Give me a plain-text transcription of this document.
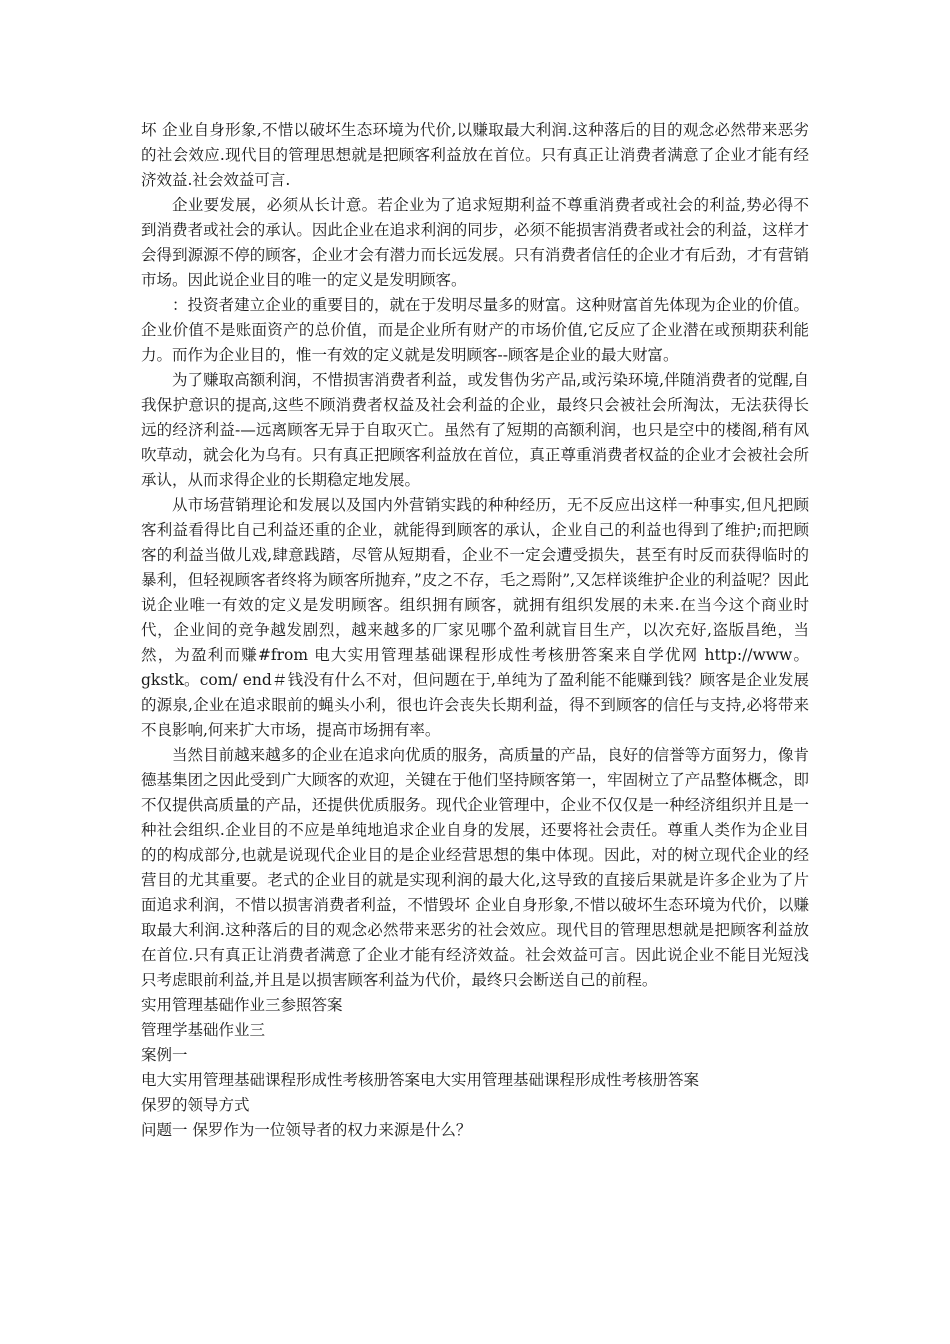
坏 企业自身形象,不惜以破坏生态环境为代价,以赚取最大利润.这种落后的目的观念必然带来恶劣的社会效应.现代目的管理思想就是把顾客利益放在首位。只有真正让消费者满意了企业才能有经济效益.社会效益可言.

企业要发展，必须从长计意。若企业为了追求短期利益不尊重消费者或社会的利益,势必得不到消费者或社会的承认。因此企业在追求利润的同步，必须不能损害消费者或社会的利益，这样才会得到源源不停的顾客，企业才会有潜力而长远发展。只有消费者信任的企业才有后劲，才有营销市场。因此说企业目的唯一的定义是发明顾客。

：投资者建立企业的重要目的，就在于发明尽量多的财富。这种财富首先体现为企业的价值。企业价值不是账面资产的总价值，而是企业所有财产的市场价值,它反应了企业潜在或预期获利能力。而作为企业目的，惟一有效的定义就是发明顾客--顾客是企业的最大财富。

为了赚取高额利润，不惜损害消费者利益，或发售伪劣产品,或污染环境,伴随消费者的觉醒,自我保护意识的提高,这些不顾消费者权益及社会利益的企业，最终只会被社会所淘汰，无法获得长远的经济利益-—远离顾客无异于自取灭亡。虽然有了短期的高额利润，也只是空中的楼阁,稍有风吹草动，就会化为乌有。只有真正把顾客利益放在首位，真正尊重消费者权益的企业才会被社会所承认，从而求得企业的长期稳定地发展。

从市场营销理论和发展以及国内外营销实践的种种经历，无不反应出这样一种事实,但凡把顾客利益看得比自己利益还重的企业，就能得到顾客的承认，企业自己的利益也得到了维护;而把顾客的利益当做儿戏,肆意践踏，尽管从短期看，企业不一定会遭受损失，甚至有时反而获得临时的暴利，但轻视顾客者终将为顾客所抛弃，”皮之不存，毛之焉附”,又怎样谈维护企业的利益呢？因此说企业唯一有效的定义是发明顾客。组织拥有顾客，就拥有组织发展的未来.在当今这个商业时代，企业间的竞争越发剧烈，越来越多的厂家见哪个盈利就盲目生产，以次充好,盗版昌绝，当然，为盈利而赚#from 电大实用管理基础课程形成性考核册答案来自学优网 http://www。gkstk。com/ end＃钱没有什么不对，但问题在于,单纯为了盈利能不能赚到钱？顾客是企业发展的源泉,企业在追求眼前的蝇头小利，很也许会丧失长期利益，得不到顾客的信任与支持,必将带来不良影响,何来扩大市场，提高市场拥有率。

当然目前越来越多的企业在追求向优质的服务，高质量的产品，良好的信誉等方面努力，像肯德基集团之因此受到广大顾客的欢迎，关键在于他们坚持顾客第一，牢固树立了产品整体概念，即不仅提供高质量的产品，还提供优质服务。现代企业管理中，企业不仅仅是一种经济组织并且是一种社会组织.企业目的不应是单纯地追求企业自身的发展，还要将社会责任。尊重人类作为企业目的的构成部分,也就是说现代企业目的是企业经营思想的集中体现。因此，对的树立现代企业的经营目的尤其重要。老式的企业目的就是实现利润的最大化,这导致的直接后果就是许多企业为了片面追求利润，不惜以损害消费者利益，不惜毁坏 企业自身形象,不惜以破坏生态环境为代价，以赚取最大利润.这种落后的目的观念必然带来恶劣的社会效应。现代目的管理思想就是把顾客利益放在首位.只有真正让消费者满意了企业才能有经济效益。社会效益可言。因此说企业不能目光短浅只考虑眼前利益,并且是以损害顾客利益为代价，最终只会断送自己的前程。

实用管理基础作业三参照答案

管理学基础作业三

案例一

电大实用管理基础课程形成性考核册答案电大实用管理基础课程形成性考核册答案

保罗的领导方式

问题一 保罗作为一位领导者的权力来源是什么？
